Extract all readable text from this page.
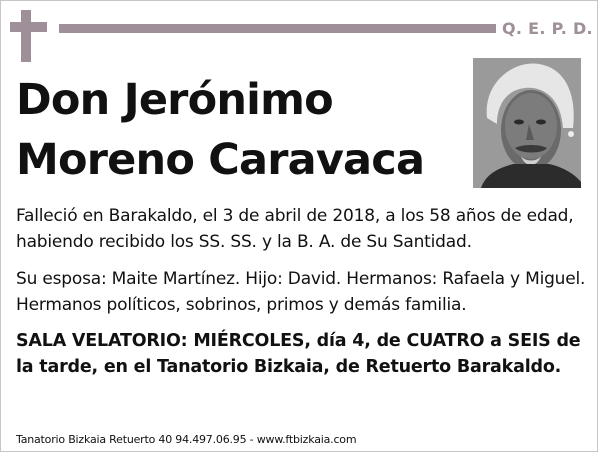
Q. E. P. D.
Don Jerónimo
Moreno Caravaca
Falleció en Barakaldo, el 3 de abril de 2018, a los 58 años de edad, habiendo recibido los SS. SS. y la B. A. de Su Santidad.
Su esposa: Maite Martínez. Hijo: David. Hermanos: Rafaela y Miguel. Hermanos políticos, sobrinos, primos y demás familia.
SALA VELATORIO: MIÉRCOLES, día 4, de CUATRO a SEIS de la tarde, en el Tanatorio Bizkaia, de Retuerto Barakaldo.
Tanatorio Bizkaia Retuerto 40 94.497.06.95 - www.ftbizkaia.com
